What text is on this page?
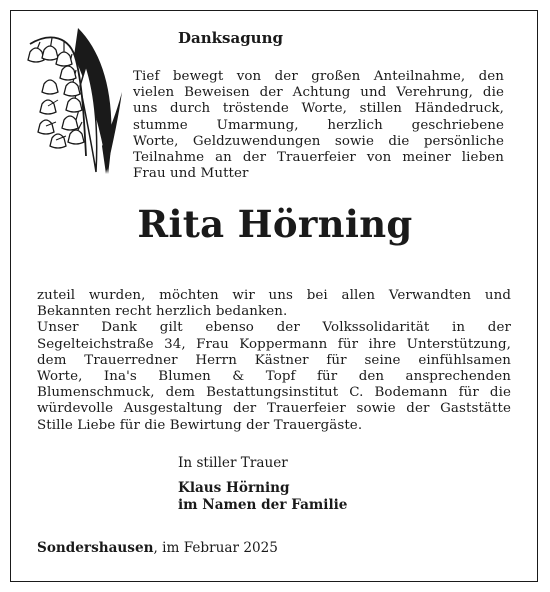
Danksagung
Tief bewegt von der großen Anteilnahme, den
vielen Beweisen der Achtung und Verehrung, die
uns durch tröstende Worte, stillen Händedruck,
stumme Umarmung, herzlich geschriebene
Worte, Geldzuwendungen sowie die persönliche
Teilnahme an der Trauerfeier von meiner lieben
Frau und Mutter
Rita Hörning
zuteil wurden, möchten wir uns bei allen Verwandten und
Bekannten recht herzlich bedanken.
Unser Dank gilt ebenso der Volkssolidarität in der
Segelteichstraße 34, Frau Koppermann für ihre Unterstützung,
dem Trauerredner Herrn Kästner für seine einfühlsamen
Worte, Ina's Blumen & Topf für den ansprechenden
Blumenschmuck, dem Bestattungsinstitut C. Bodemann für die
würdevolle Ausgestaltung der Trauerfeier sowie der Gaststätte
Stille Liebe für die Bewirtung der Trauergäste.

In stiller Trauer

Klaus Hörning
im Namen der Familie

Sondershausen, im Februar 2025
